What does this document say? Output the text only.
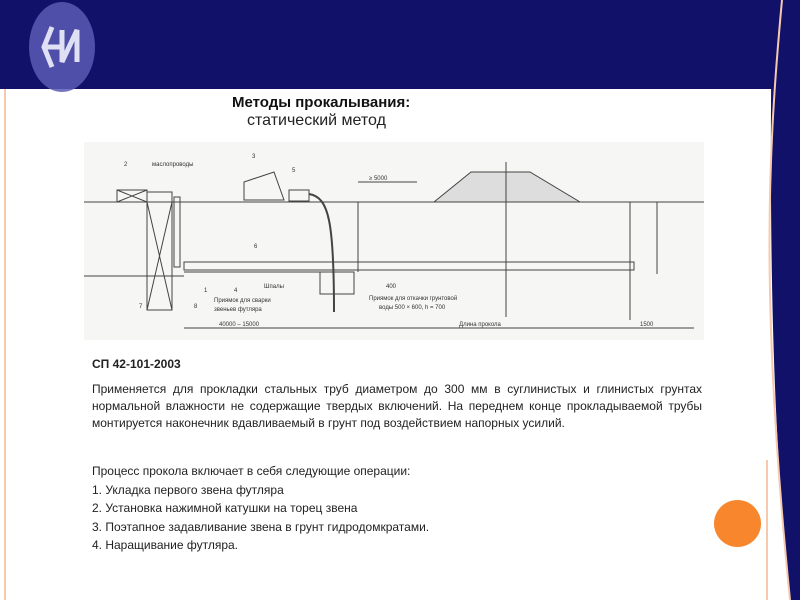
Методы прокалывания:
статический метод
2	маслопроводы
3
5
≥ 5000
6
4
Шпалы
1
7	8
Приямок для сварки
звеньев футляра
40000 – 15000
400
Приямок для откачки грунтовой
воды 500 × 600, h = 700
Длина прокола	1500
СП 42-101-2003
Применяется для прокладки стальных труб диаметром до 300 мм в суглинистых и глинистых грунтах нормальной влажности не содержащие твердых включений. На переднем конце прокладываемой трубы монтируется наконечник вдавливаемый в грунт под воздействием напорных усилий.
Процесс прокола включает в себя следующие операции:
1. Укладка первого звена футляра
2. Установка нажимной катушки на торец звена
3. Поэтапное задавливание звена в грунт гидродомкратами.
4. Наращивание футляра.
